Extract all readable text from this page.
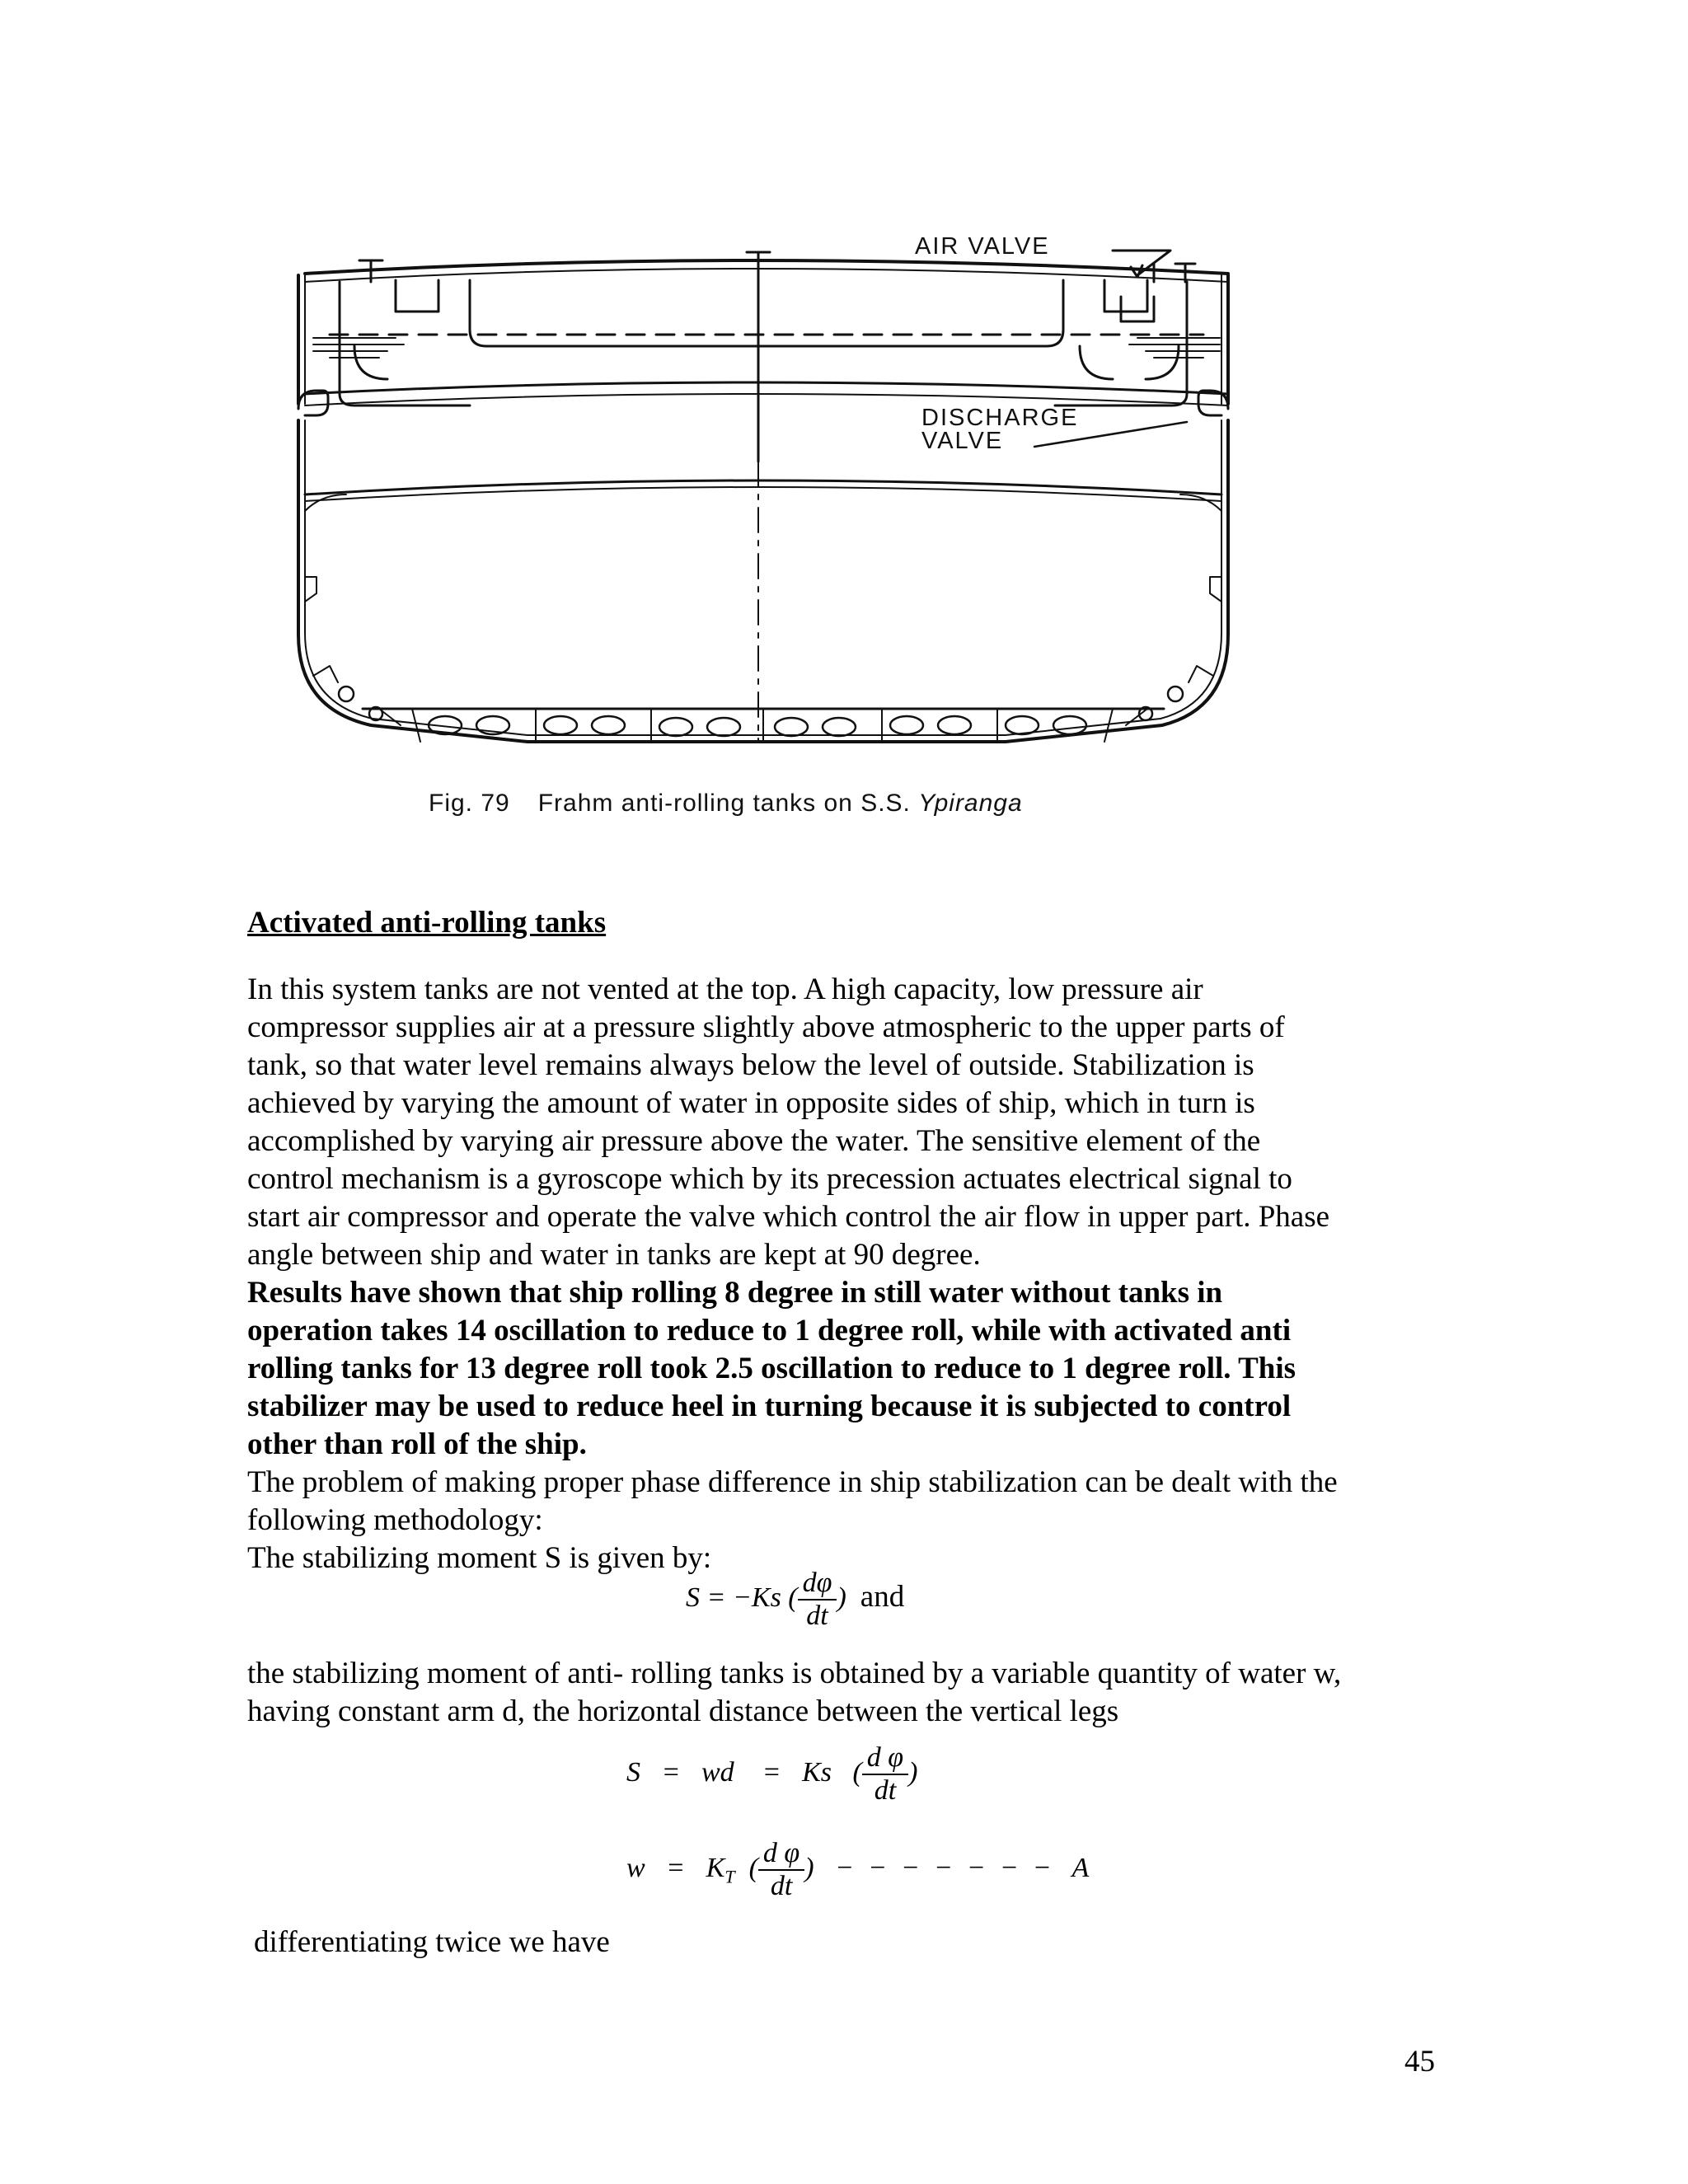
AIR VALVE
DISCHARGE
VALVE
Fig. 79 Frahm anti-rolling tanks on S.S. Ypiranga
Activated anti-rolling tanks
In this system tanks are not vented at the top. A high capacity, low pressure air
compressor supplies air at a pressure slightly above atmospheric to the upper parts of
tank, so that water level remains always below the level of outside. Stabilization is
achieved by varying the amount of water in opposite sides of ship, which in turn is
accomplished by varying air pressure above the water. The sensitive element of the
control mechanism is a gyroscope which by its precession actuates electrical signal to
start air compressor and operate the valve which control the air flow in upper part. Phase
angle between ship and water in tanks are kept at 90 degree.
Results have shown that ship rolling 8 degree in still water without tanks in
operation takes 14 oscillation to reduce to 1 degree roll, while with activated anti
rolling tanks for 13 degree roll took 2.5 oscillation to reduce to 1 degree roll. This
stabilizer may be used to reduce heel in turning because it is subjected to control
other than roll of the ship.
The problem of making proper phase difference in ship stabilization can be dealt with the
following methodology:
The stabilizing moment S is given by:
S = −Ks ( $\frac{d\varphi}{dt}$ ) and
the stabilizing moment of anti- rolling tanks is obtained by a variable quantity of water w,
having constant arm d, the horizontal distance between the vertical legs
S   =   wd    =   Ks   ( $\frac{\text{d φ}}{dt}$ )
$w = K_T$  ( $\frac{\text{d φ}}{dt}$ )   −  −  −  −  −  −  −   A
differentiating twice we have
45
